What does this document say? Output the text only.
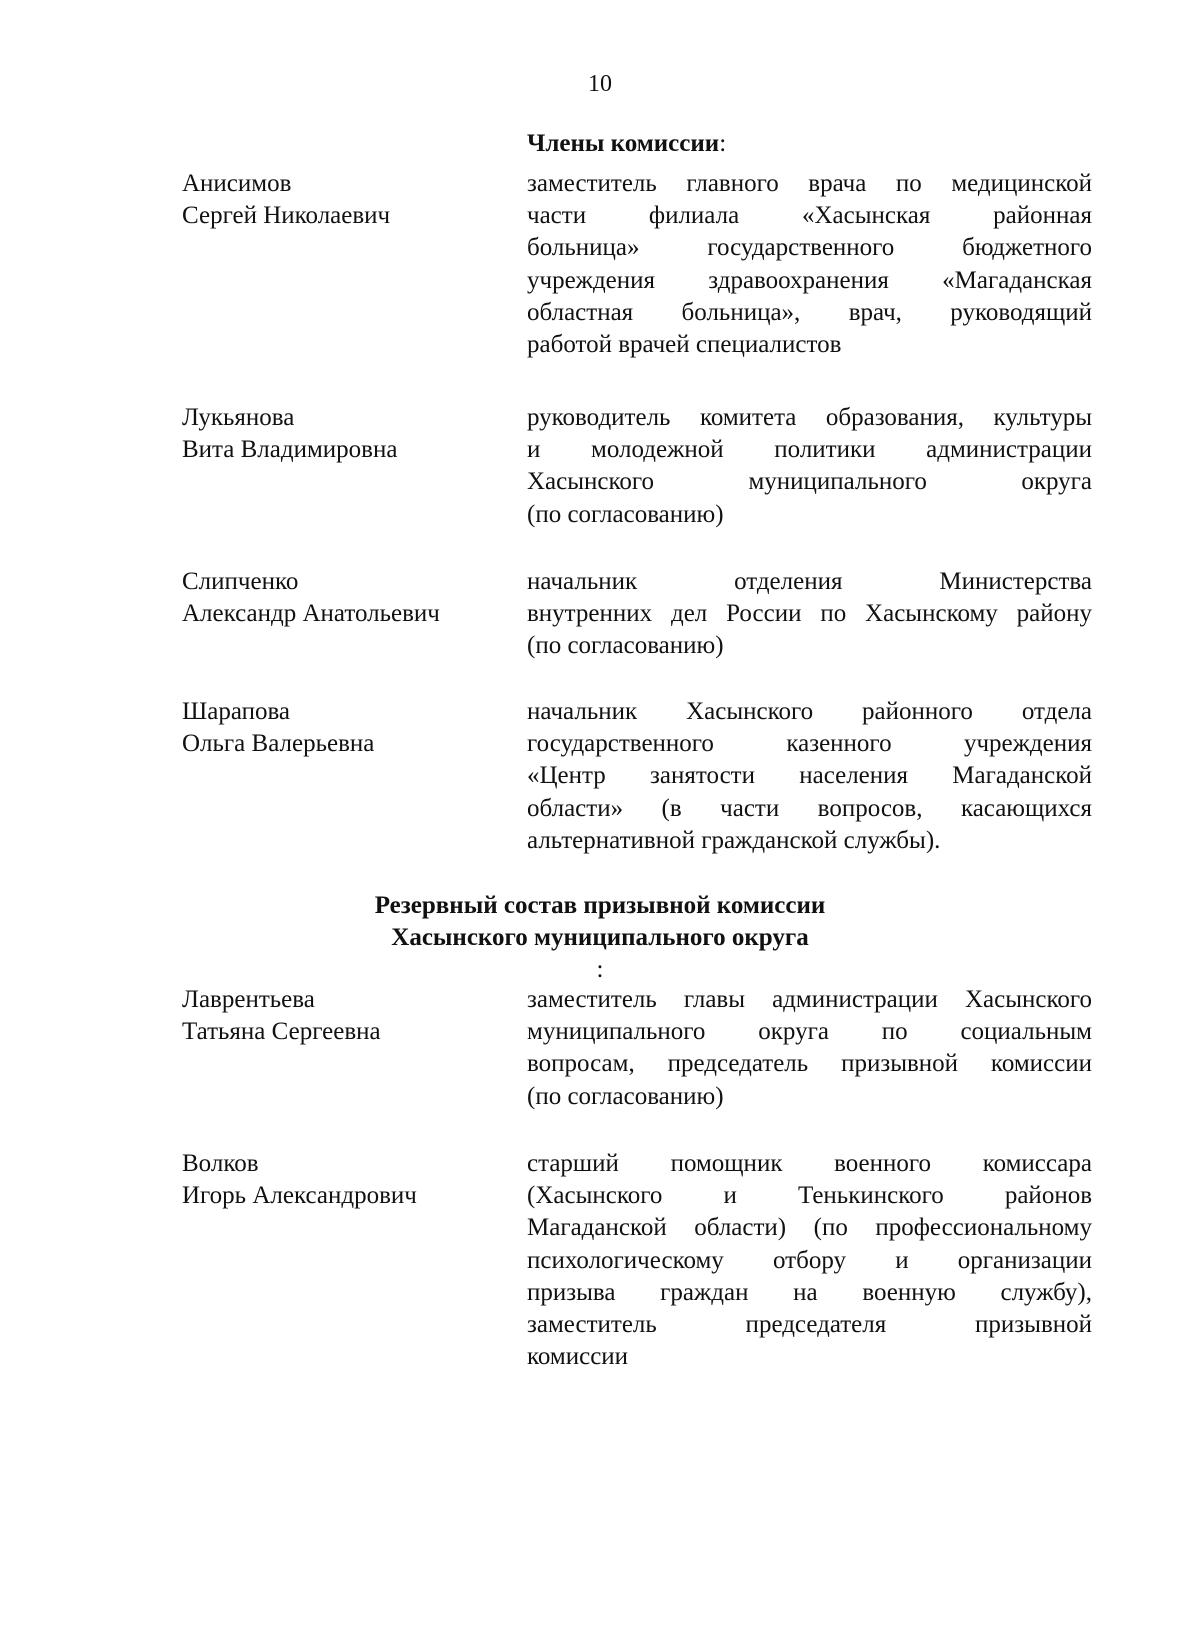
10
Члены комиссии:
Анисимов
Сергей Николаевич
заместитель главного врача по медицинской
части филиала «Хасынская районная
больница» государственного бюджетного
учреждения здравоохранения «Магаданская
областная больница», врач, руководящий
работой врачей специалистов
Лукьянова
Вита Владимировна
руководитель комитета образования, культуры
и молодежной политики администрации
Хасынского муниципального округа
(по согласованию)
Слипченко
Александр Анатольевич
начальник отделения Министерства
внутренних дел России по Хасынскому району
(по согласованию)
Шарапова
Ольга Валерьевна
начальник Хасынского районного отдела
государственного казенного учреждения
«Центр занятости населения Магаданской
области» (в части вопросов, касающихся
альтернативной гражданской службы).
Резервный состав призывной комиссии
Хасынского муниципального округа
:
Лаврентьева
Татьяна Сергеевна
заместитель главы администрации Хасынского
муниципального округа по социальным
вопросам, председатель призывной комиссии
(по согласованию)
Волков
Игорь Александрович
старший помощник военного комиссара
(Хасынского и Тенькинского районов
Магаданской области) (по профессиональному
психологическому отбору и организации
призыва граждан на военную службу),
заместитель председателя призывной
комиссии
